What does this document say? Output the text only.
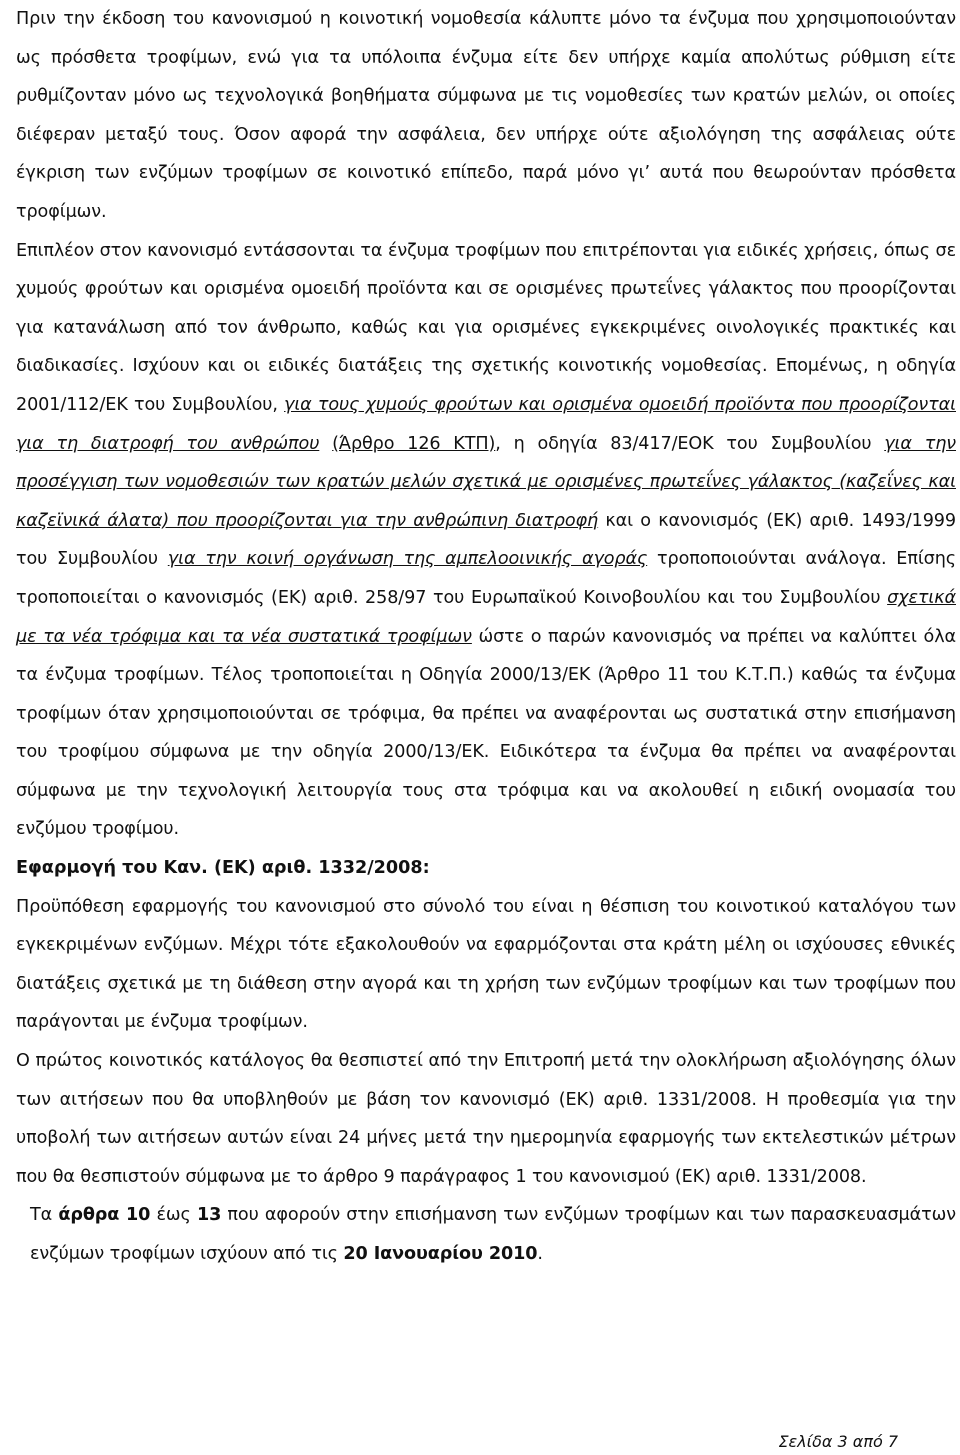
Πριν την έκδοση του κανονισμού η κοινοτική νομοθεσία κάλυπτε μόνο τα ένζυμα που χρησιμοποιούνταν ως πρόσθετα τροφίμων, ενώ για τα υπόλοιπα ένζυμα είτε δεν υπήρχε καμία απολύτως ρύθμιση είτε ρυθμίζονταν μόνο ως τεχνολογικά βοηθήματα σύμφωνα με τις νομοθεσίες των κρατών μελών, οι οποίες διέφεραν μεταξύ τους. Όσον αφορά την ασφάλεια, δεν υπήρχε ούτε αξιολόγηση της ασφάλειας ούτε έγκριση των ενζύμων τροφίμων σε κοινοτικό επίπεδο, παρά μόνο γι’ αυτά που θεωρούνταν πρόσθετα τροφίμων.

Επιπλέον στον κανονισμό εντάσσονται τα ένζυμα τροφίμων που επιτρέπονται για ειδικές χρήσεις, όπως σε χυμούς φρούτων και ορισμένα ομοειδή προϊόντα και σε ορισμένες πρωτεΐνες γάλακτος που προορίζονται για κατανάλωση από τον άνθρωπο, καθώς και για ορισμένες εγκεκριμένες οινολογικές πρακτικές και διαδικασίες. Ισχύουν και οι ειδικές διατάξεις της σχετικής κοινοτικής νομοθεσίας. Επομένως, η οδηγία 2001/112/ΕΚ του Συμβουλίου, για τους χυμούς φρούτων και ορισμένα ομοειδή προϊόντα που προορίζονται για τη διατροφή του ανθρώπου (Άρθρο 126 ΚΤΠ), η οδηγία 83/417/ΕΟΚ του Συμβουλίου για την προσέγγιση των νομοθεσιών των κρατών μελών σχετικά με ορισμένες πρωτεΐνες γάλακτος (καζεΐνες και καζεϊνικά άλατα) που προορίζονται για την ανθρώπινη διατροφή και ο κανονισμός (ΕΚ) αριθ. 1493/1999 του Συμβουλίου για την κοινή οργάνωση της αμπελοοινικής αγοράς τροποποιούνται ανάλογα. Επίσης τροποποιείται ο κανονισμός (ΕΚ) αριθ. 258/97 του Ευρωπαϊκού Κοινοβουλίου και του Συμβουλίου σχετικά με τα νέα τρόφιμα και τα νέα συστατικά τροφίμων ώστε ο παρών κανονισμός να πρέπει να καλύπτει όλα τα ένζυμα τροφίμων. Τέλος τροποποιείται η Οδηγία 2000/13/ΕΚ (Άρθρο 11 του Κ.Τ.Π.) καθώς τα ένζυμα τροφίμων όταν χρησιμοποιούνται σε τρόφιμα, θα πρέπει να αναφέρονται ως συστατικά στην επισήμανση του τροφίμου σύμφωνα με την οδηγία 2000/13/ΕΚ. Ειδικότερα τα ένζυμα θα πρέπει να αναφέρονται σύμφωνα με την τεχνολογική λειτουργία τους στα τρόφιμα και να ακολουθεί η ειδική ονομασία του ενζύμου τροφίμου.

Εφαρμογή του Καν. (ΕΚ) αριθ. 1332/2008:

Προϋπόθεση εφαρμογής του κανονισμού στο σύνολό του είναι η θέσπιση του κοινοτικού καταλόγου των εγκεκριμένων ενζύμων. Μέχρι τότε εξακολουθούν να εφαρμόζονται στα κράτη μέλη οι ισχύουσες εθνικές διατάξεις σχετικά με τη διάθεση στην αγορά και τη χρήση των ενζύμων τροφίμων και των τροφίμων που παράγονται με ένζυμα τροφίμων.

Ο πρώτος κοινοτικός κατάλογος θα θεσπιστεί από την Επιτροπή μετά την ολοκλήρωση αξιολόγησης όλων των αιτήσεων που θα υποβληθούν με βάση τον κανονισμό (ΕΚ) αριθ. 1331/2008. Η προθεσμία για την υποβολή των αιτήσεων αυτών είναι 24 μήνες μετά την ημερομηνία εφαρμογής των εκτελεστικών μέτρων που θα θεσπιστούν σύμφωνα με το άρθρο 9 παράγραφος 1 του κανονισμού (ΕΚ) αριθ. 1331/2008.

Τα άρθρα 10 έως 13 που αφορούν στην επισήμανση των ενζύμων τροφίμων και των παρασκευασμάτων ενζύμων τροφίμων ισχύουν από τις 20 Ιανουαρίου 2010.

Σελίδα 3 από 7
